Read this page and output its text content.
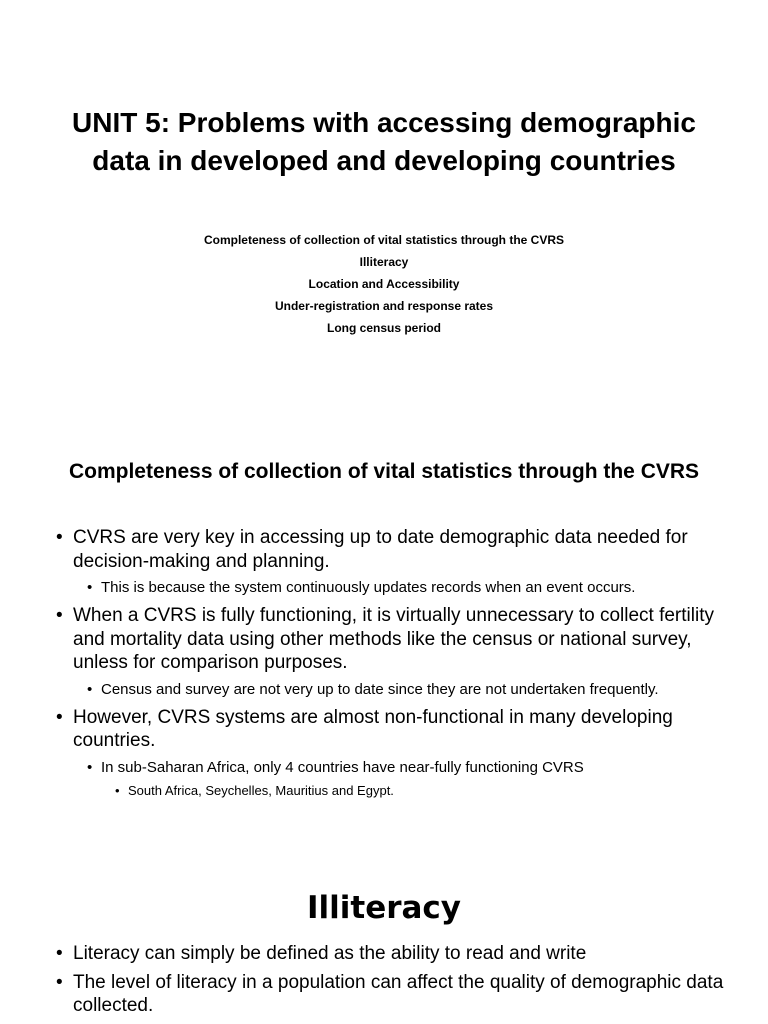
UNIT 5: Problems with accessing demographic data in developed and developing countries
Completeness of collection of vital statistics through the CVRS
Illiteracy
Location and Accessibility
Under-registration and response rates
Long census period
Completeness of collection of vital statistics through the CVRS
• CVRS are very key in accessing up to date demographic data needed for decision-making and planning.
• This is because the system continuously updates records when an event occurs.
• When a CVRS is fully functioning, it is virtually unnecessary to collect fertility and mortality data using other methods like the census or national survey, unless for comparison purposes.
• Census and survey are not very up to date since they are not undertaken frequently.
• However, CVRS systems are almost non-functional in many developing countries.
• In sub-Saharan Africa, only 4 countries have near-fully functioning CVRS
• South Africa, Seychelles, Mauritius and Egypt.
Illiteracy
• Literacy can simply be defined as the ability to read and write
• The level of literacy in a population can affect the quality of demographic data collected.
